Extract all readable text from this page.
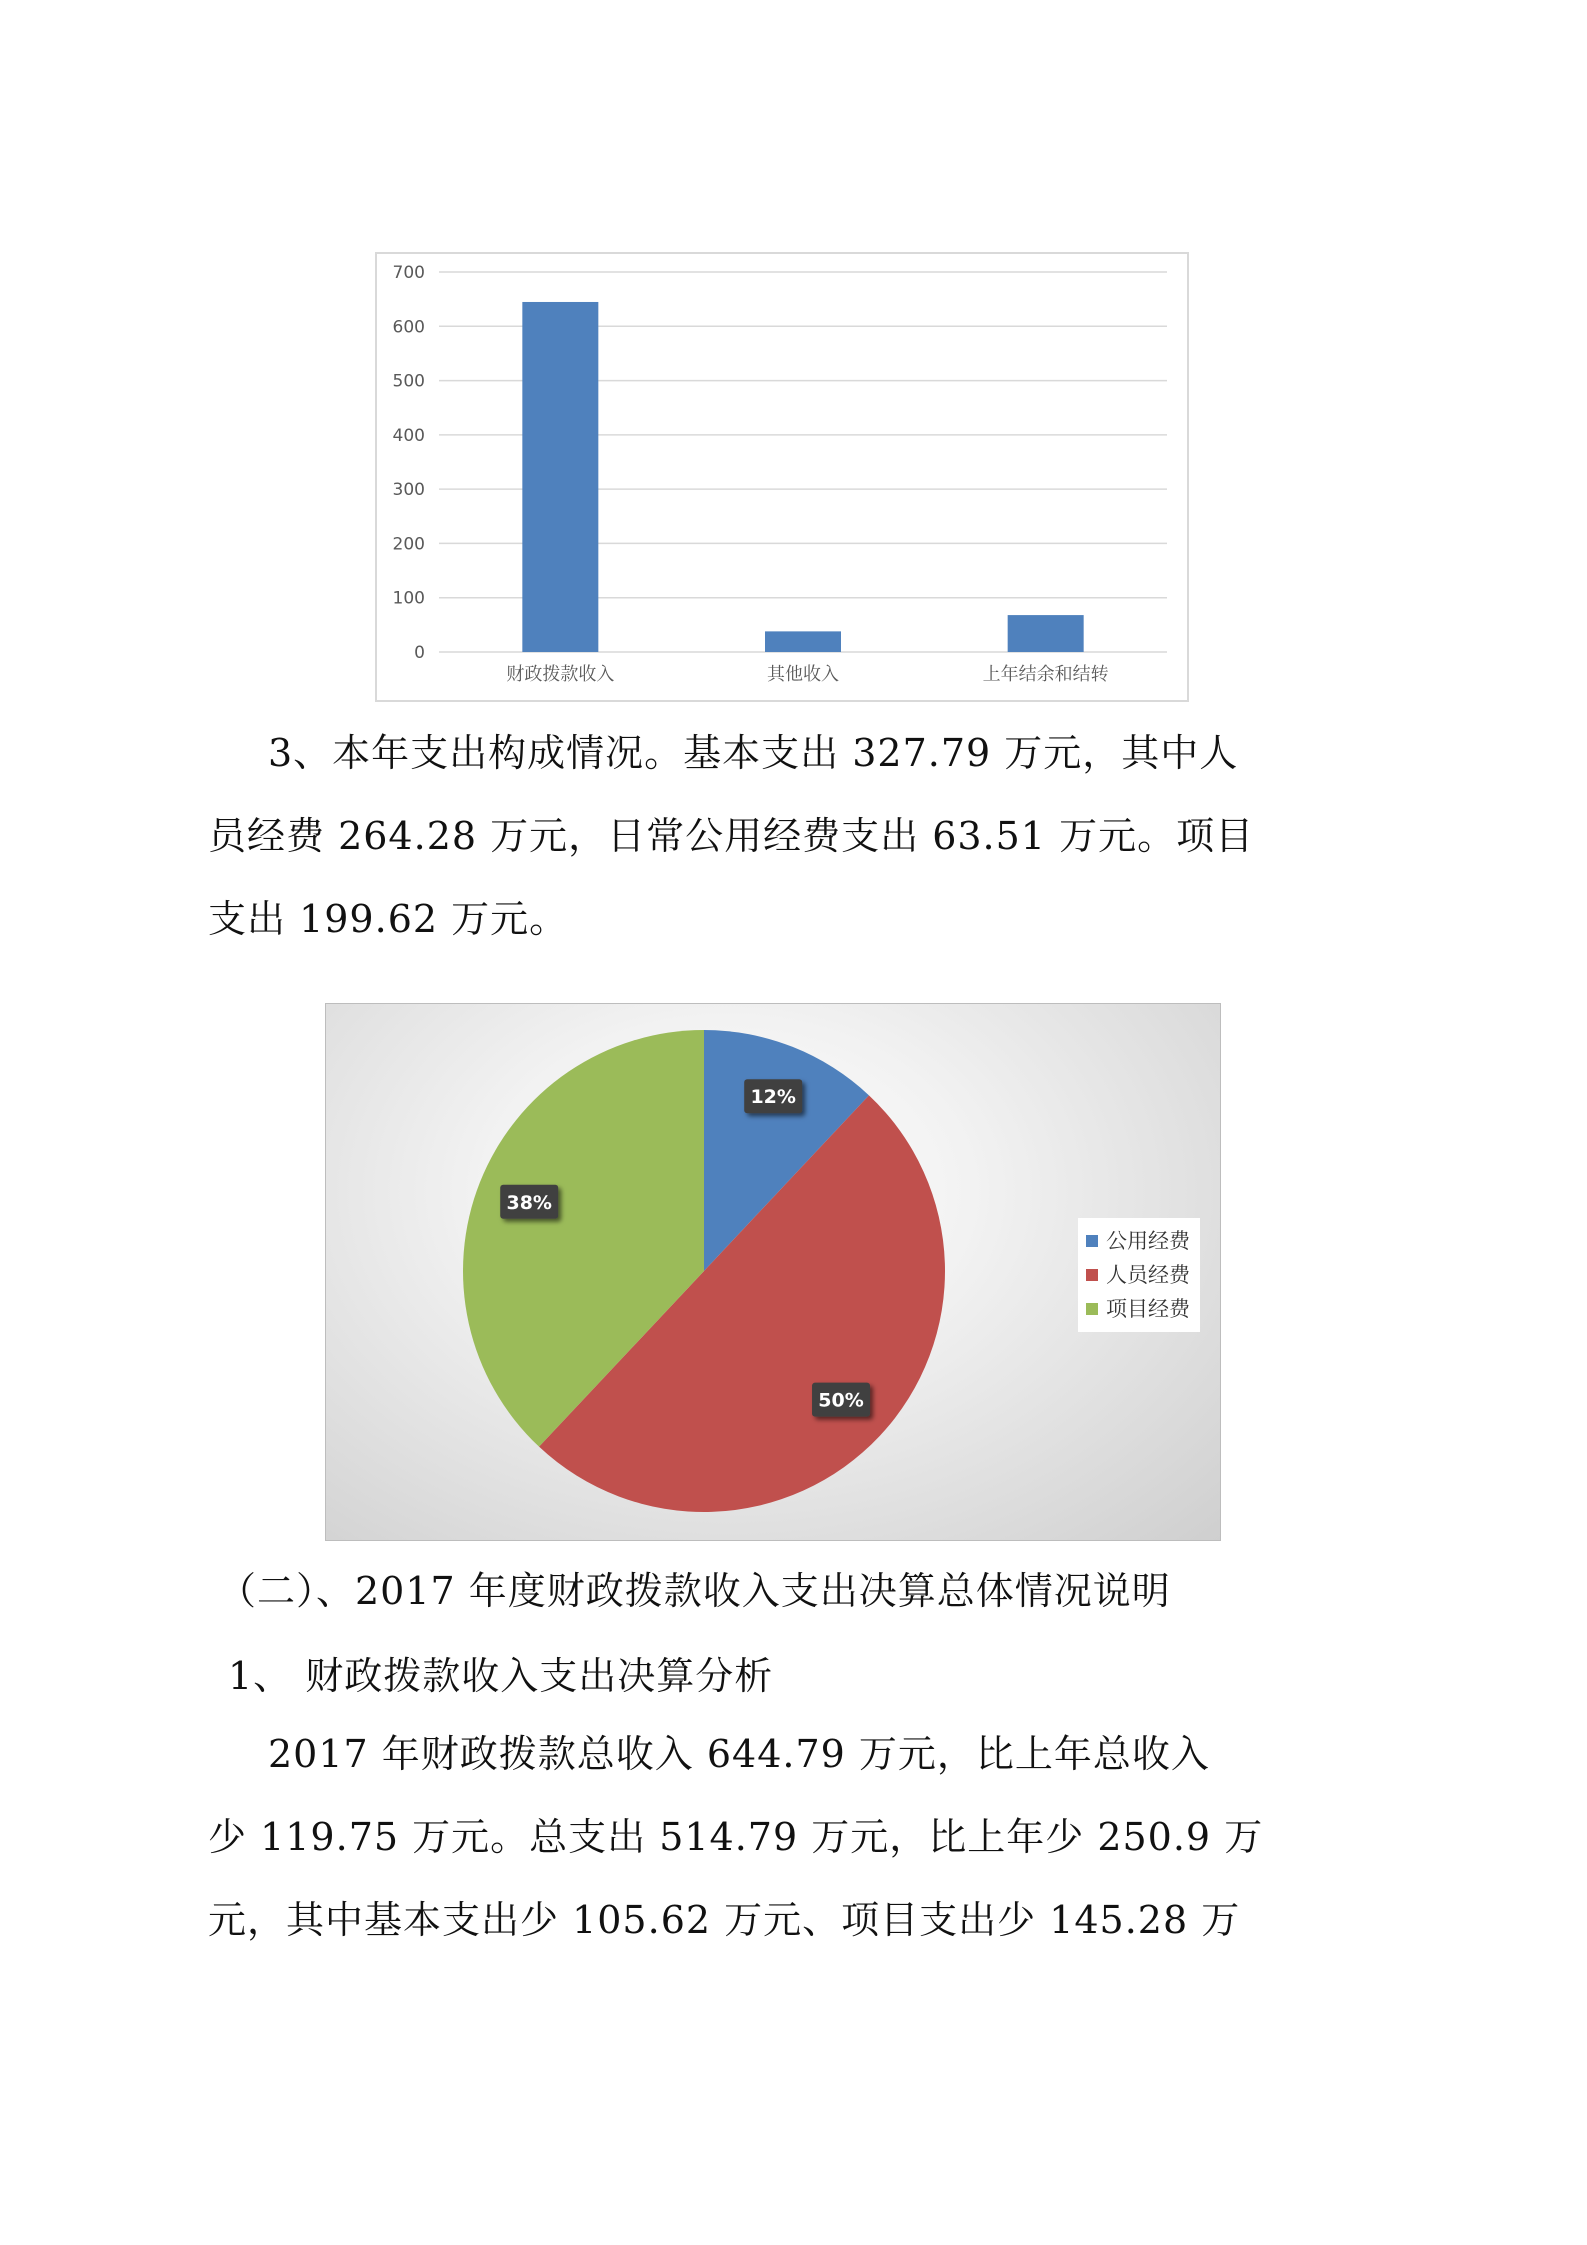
0
100
200
300
400
500
600
700
财政拨款收入	其他收入	上年结余和结转
3、本年支出构成情况。基本支出 327.79 万元，其中人
员经费 264.28 万元，日常公用经费支出 63.51 万元。项目
支出 199.62 万元。
12%
50%
38%
公用经费
人员经费
项目经费
（二）、2017 年度财政拨款收入支出决算总体情况说明
1、 财政拨款收入支出决算分析
2017 年财政拨款总收入 644.79 万元，比上年总收入
少 119.75 万元。总支出 514.79 万元，比上年少 250.9 万
元，其中基本支出少 105.62 万元、项目支出少 145.28 万
